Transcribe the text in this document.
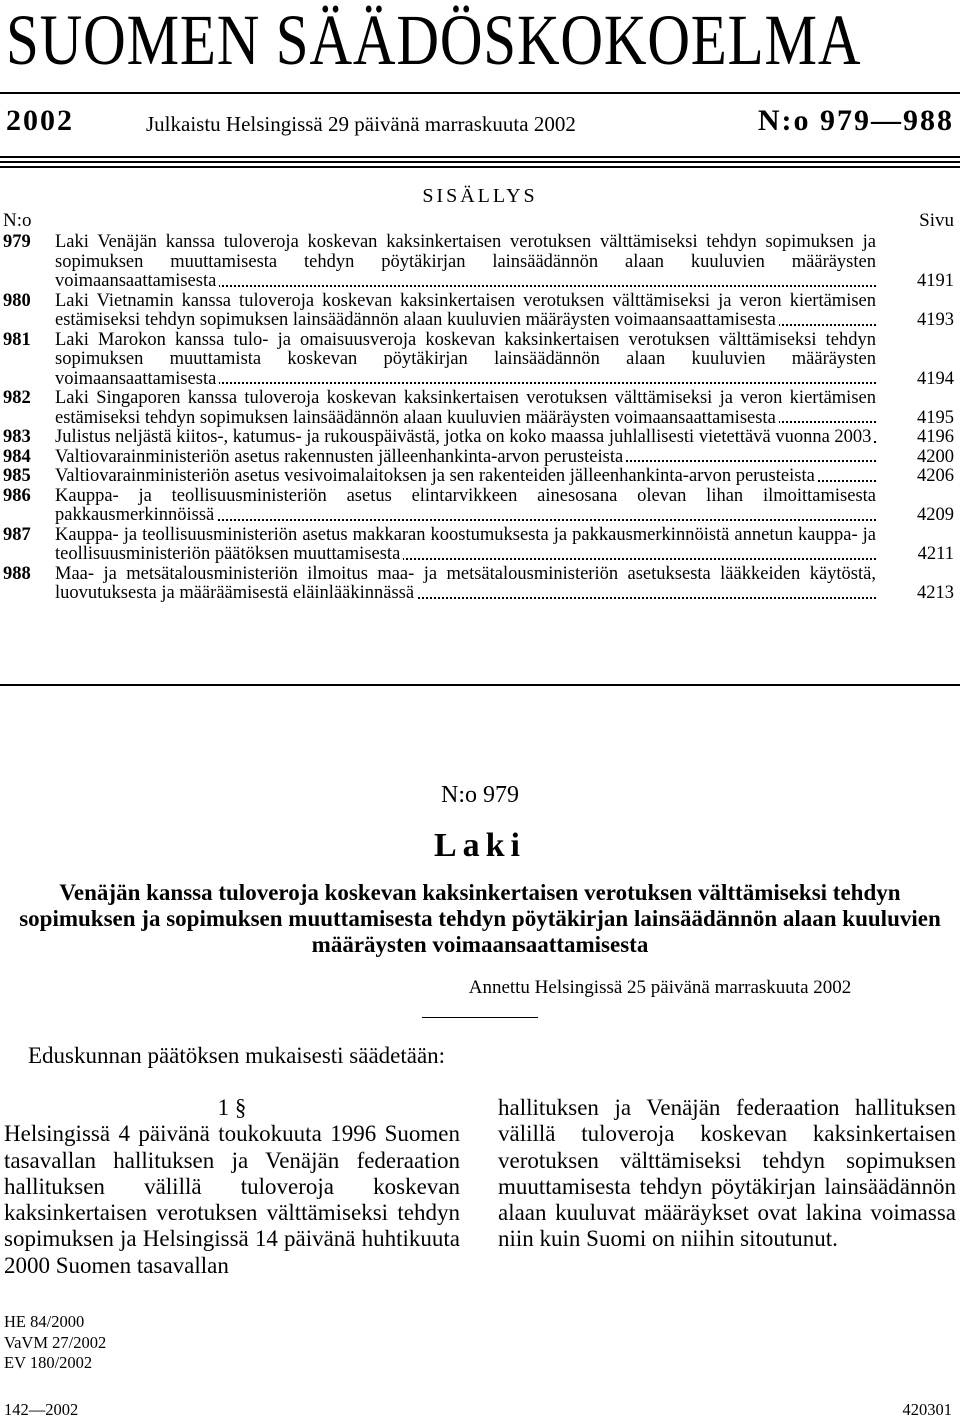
SUOMEN SÄÄDÖSKOKOELMA
2002	Julkaistu Helsingissä 29 päivänä marraskuuta 2002	N:o 979—988
SISÄLLYS
N:o	Sivu
979	Laki Venäjän kanssa tuloveroja koskevan kaksinkertaisen verotuksen välttämiseksi tehdyn sopimuksen ja sopimuksen muuttamisesta tehdyn pöytäkirjan lainsäädännön alaan kuuluvien määräysten voimaansaattamisesta	4191
980	Laki Vietnamin kanssa tuloveroja koskevan kaksinkertaisen verotuksen välttämiseksi ja veron kiertämisen estämiseksi tehdyn sopimuksen lainsäädännön alaan kuuluvien määräysten voimaansaattamisesta	4193
981	Laki Marokon kanssa tulo- ja omaisuusveroja koskevan kaksinkertaisen verotuksen välttämiseksi tehdyn sopimuksen muuttamista koskevan pöytäkirjan lainsäädännön alaan kuuluvien määräysten voimaansaattamisesta	4194
982	Laki Singaporen kanssa tuloveroja koskevan kaksinkertaisen verotuksen välttämiseksi ja veron kiertämisen estämiseksi tehdyn sopimuksen lainsäädännön alaan kuuluvien määräysten voimaansaattamisesta	4195
983	Julistus neljästä kiitos-, katumus- ja rukouspäivästä, jotka on koko maassa juhlallisesti vietettävä vuonna 2003	4196
984	Valtiovarainministeriön asetus rakennusten jälleenhankinta-arvon perusteista	4200
985	Valtiovarainministeriön asetus vesivoimalaitoksen ja sen rakenteiden jälleenhankinta-arvon perusteista	4206
986	Kauppa- ja teollisuusministeriön asetus elintarvikkeen ainesosana olevan lihan ilmoittamisesta pakkausmerkinnöissä	4209
987	Kauppa- ja teollisuusministeriön asetus makkaran koostumuksesta ja pakkausmerkinnöistä annetun kauppa- ja teollisuusministeriön päätöksen muuttamisesta	4211
988	Maa- ja metsätalousministeriön ilmoitus maa- ja metsätalousministeriön asetuksesta lääkkeiden käytöstä, luovutuksesta ja määräämisestä eläinlääkinnässä	4213
N:o 979
Laki
Venäjän kanssa tuloveroja koskevan kaksinkertaisen verotuksen välttämiseksi tehdyn sopimuksen ja sopimuksen muuttamisesta tehdyn pöytäkirjan lainsäädännön alaan kuuluvien määräysten voimaansaattamisesta
Annettu Helsingissä 25 päivänä marraskuuta 2002
Eduskunnan päätöksen mukaisesti säädetään:
1 §
Helsingissä 4 päivänä toukokuuta 1996 Suomen tasavallan hallituksen ja Venäjän federaation hallituksen välillä tuloveroja koskevan kaksinkertaisen verotuksen välttämiseksi tehdyn sopimuksen ja Helsingissä 14 päivänä huhtikuuta 2000 Suomen tasavallan
hallituksen ja Venäjän federaation hallituksen välillä tuloveroja koskevan kaksinkertaisen verotuksen välttämiseksi tehdyn sopimuksen muuttamisesta tehdyn pöytäkirjan lainsäädännön alaan kuuluvat määräykset ovat lakina voimassa niin kuin Suomi on niihin sitoutunut.
HE 84/2000
VaVM 27/2002
EV 180/2002
142—2002	420301
